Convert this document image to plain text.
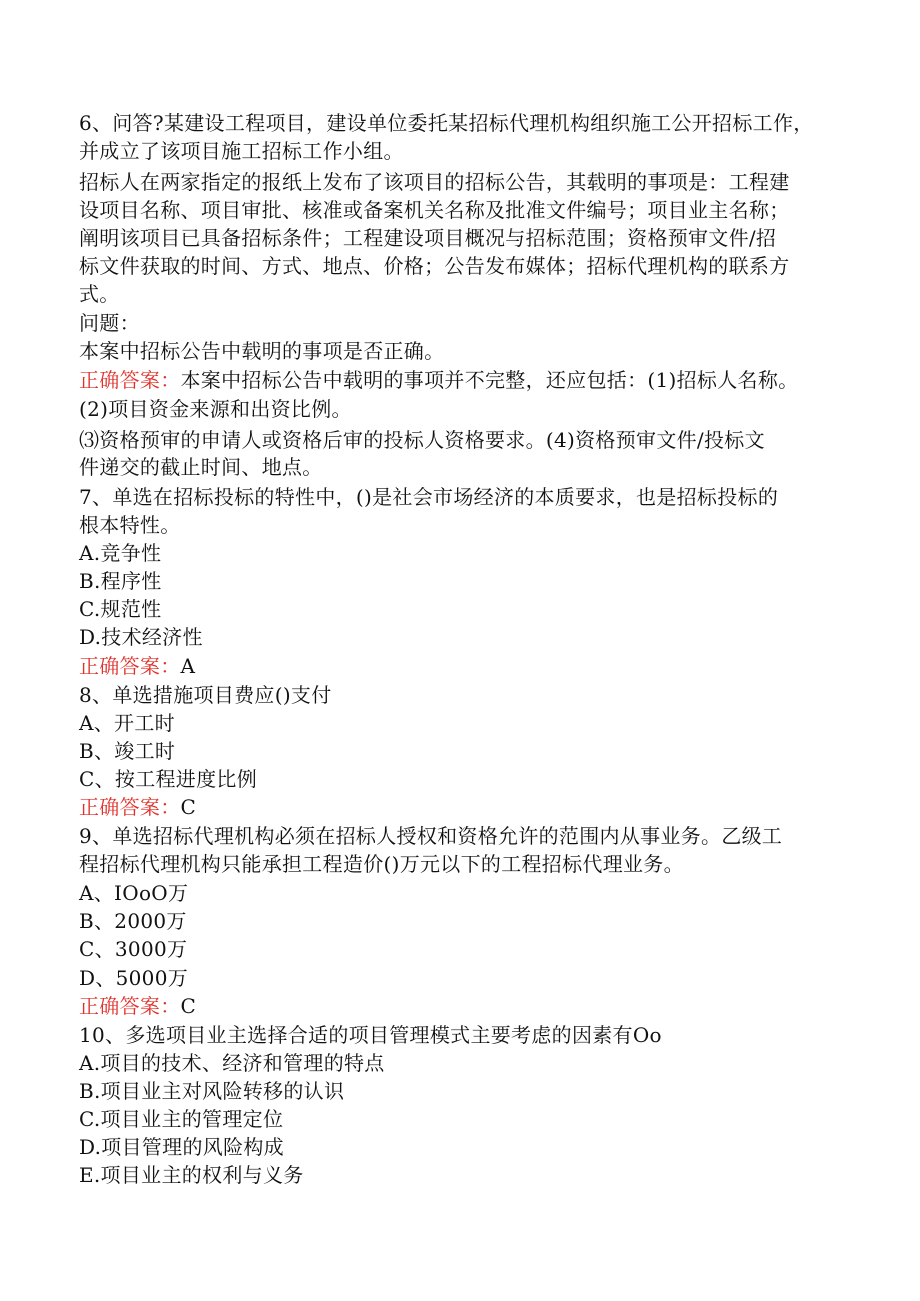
6、问答?某建设工程项目，建设单位委托某招标代理机构组织施工公开招标工作，
并成立了该项目施工招标工作小组。
招标人在两家指定的报纸上发布了该项目的招标公告，其载明的事项是：工程建
设项目名称、项目审批、核准或备案机关名称及批准文件编号；项目业主名称；
阐明该项目已具备招标条件；工程建设项目概况与招标范围；资格预审文件/招
标文件获取的时间、方式、地点、价格；公告发布媒体；招标代理机构的联系方
式。
问题：
本案中招标公告中载明的事项是否正确。
正确答案：本案中招标公告中载明的事项并不完整，还应包括：(1)招标人名称。
(2)项目资金来源和出资比例。
⑶资格预审的申请人或资格后审的投标人资格要求。(4)资格预审文件/投标文
件递交的截止时间、地点。
7、单选在招标投标的特性中，()是社会市场经济的本质要求，也是招标投标的
根本特性。
A.竞争性
B.程序性
C.规范性
D.技术经济性
正确答案：A
8、单选措施项目费应()支付
A、开工时
B、竣工时
C、按工程进度比例
正确答案：C
9、单选招标代理机构必须在招标人授权和资格允许的范围内从事业务。乙级工
程招标代理机构只能承担工程造价()万元以下的工程招标代理业务。
A、IOoO万
B、2000万
C、3000万
D、5000万
正确答案：C
10、多选项目业主选择合适的项目管理模式主要考虑的因素有Oo
A.项目的技术、经济和管理的特点
B.项目业主对风险转移的认识
C.项目业主的管理定位
D.项目管理的风险构成
E.项目业主的权利与义务
